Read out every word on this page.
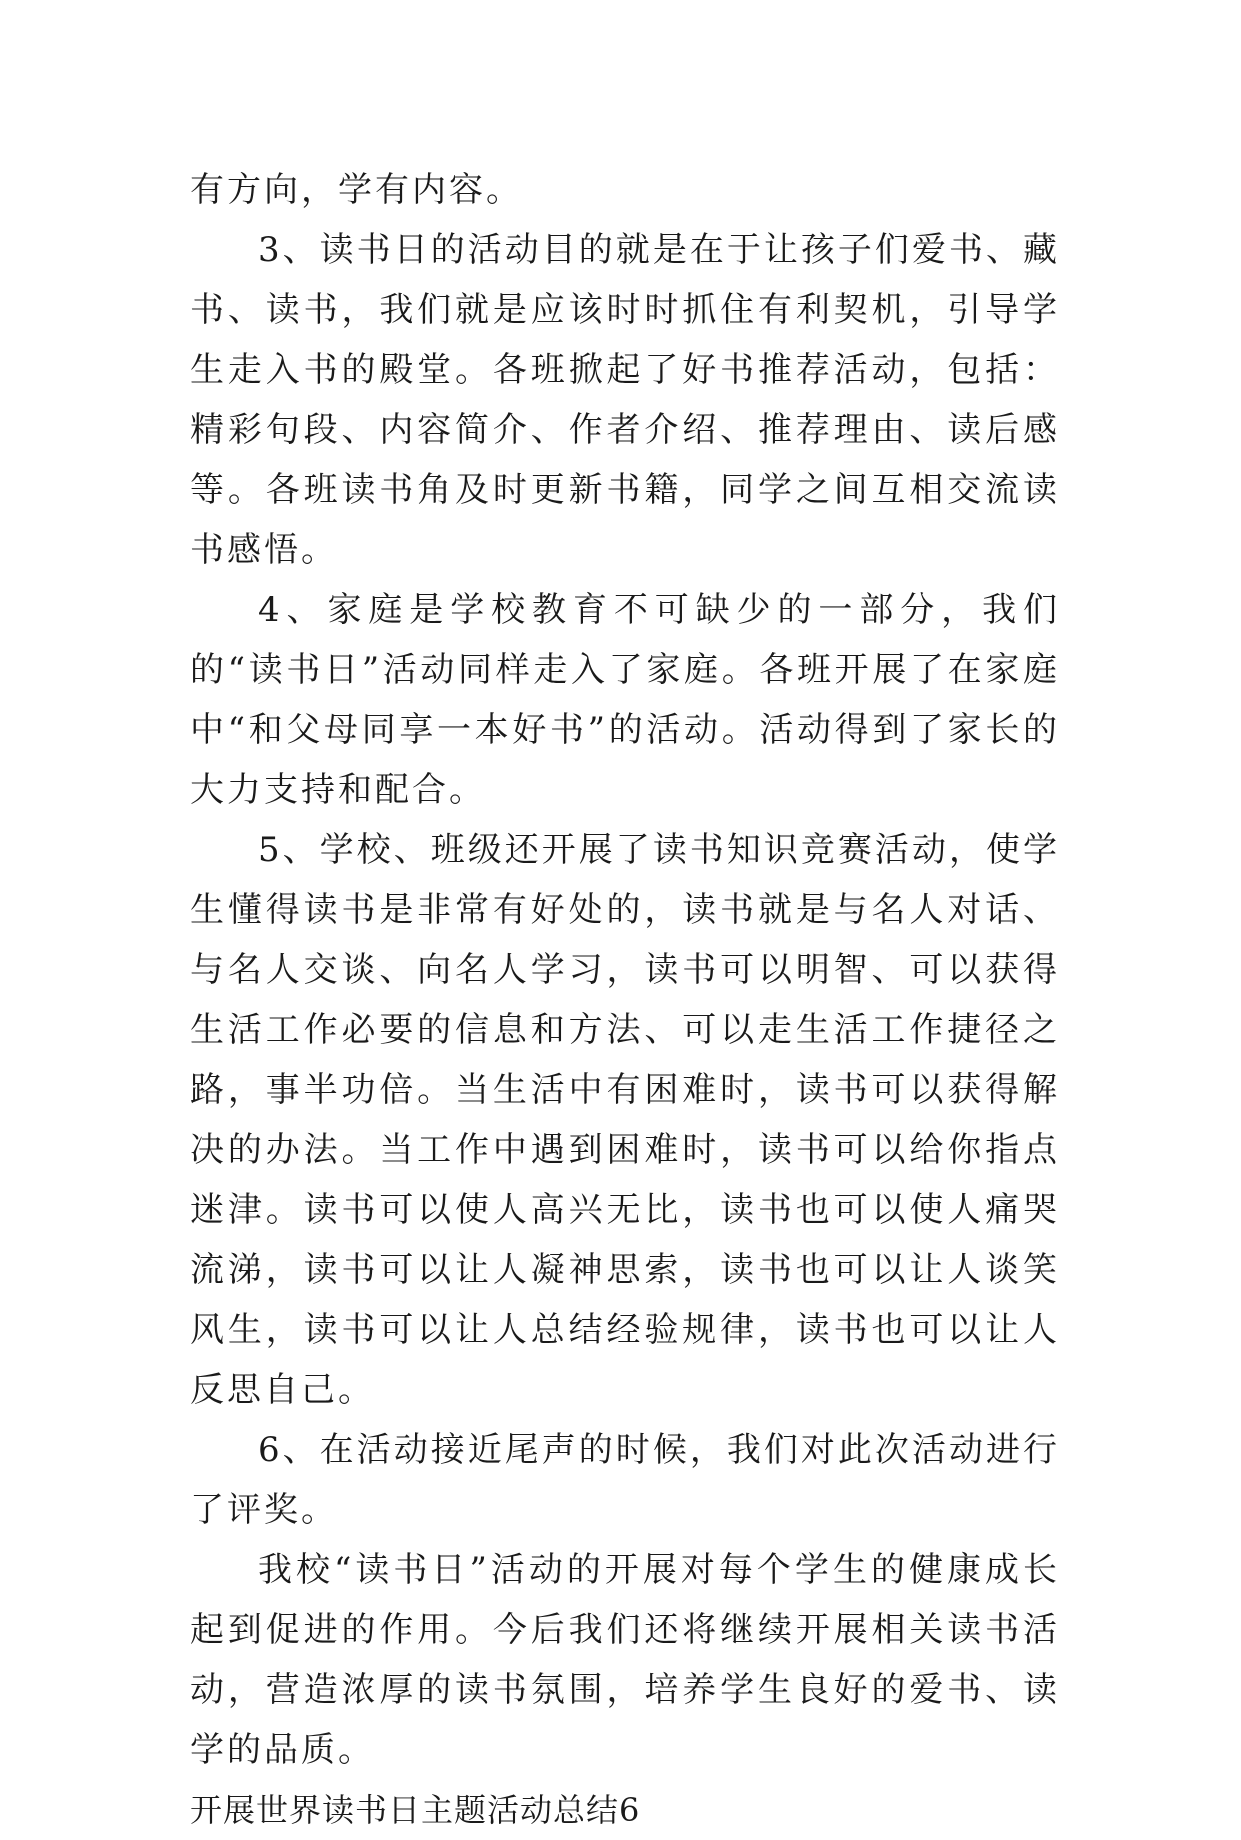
有方向，学有内容。

3、读书日的活动目的就是在于让孩子们爱书、藏书、读书，我们就是应该时时抓住有利契机，引导学生走入书的殿堂。各班掀起了好书推荐活动，包括：精彩句段、内容简介、作者介绍、推荐理由、读后感等。各班读书角及时更新书籍，同学之间互相交流读书感悟。

4、家庭是学校教育不可缺少的一部分，我们的“读书日”活动同样走入了家庭。各班开展了在家庭中“和父母同享一本好书”的活动。活动得到了家长的大力支持和配合。

5、学校、班级还开展了读书知识竞赛活动，使学生懂得读书是非常有好处的，读书就是与名人对话、与名人交谈、向名人学习，读书可以明智、可以获得生活工作必要的信息和方法、可以走生活工作捷径之路，事半功倍。当生活中有困难时，读书可以获得解决的办法。当工作中遇到困难时，读书可以给你指点迷津。读书可以使人高兴无比，读书也可以使人痛哭流涕，读书可以让人凝神思索，读书也可以让人谈笑风生，读书可以让人总结经验规律，读书也可以让人反思自己。

6、在活动接近尾声的时候，我们对此次活动进行了评奖。

我校“读书日”活动的开展对每个学生的健康成长起到促进的作用。今后我们还将继续开展相关读书活动，营造浓厚的读书氛围，培养学生良好的爱书、读学的品质。

开展世界读书日主题活动总结6
